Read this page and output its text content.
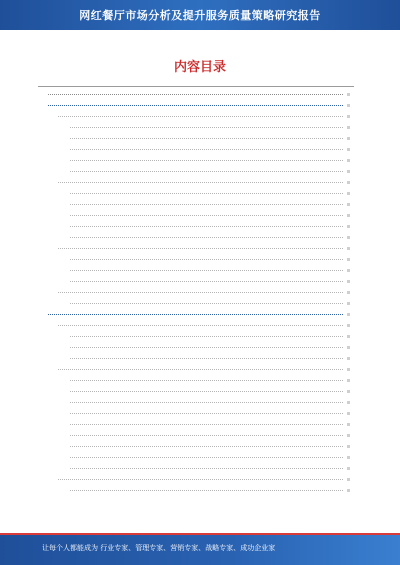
网红餐厅市场分析及提升服务质量策略研究报告
内容目录
让每个人都能成为 行业专家、管理专家、营销专家、战略专家、成功企业家
